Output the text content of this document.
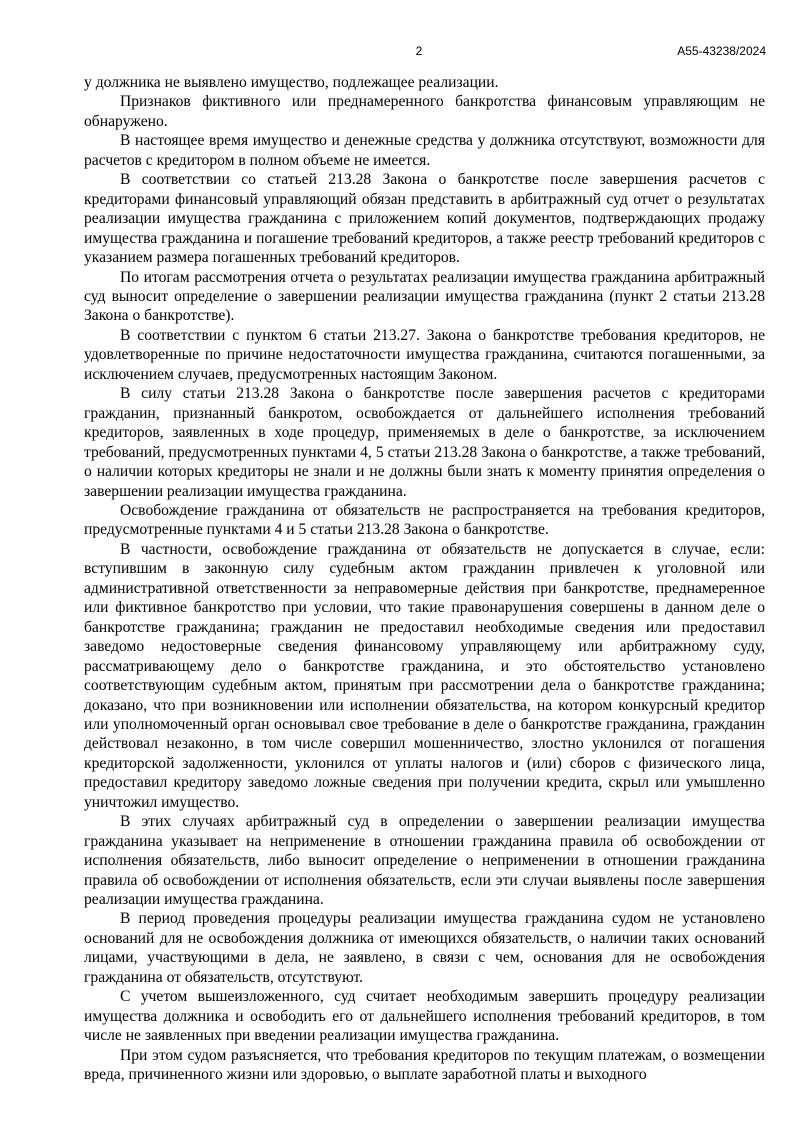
2	А55-43238/2024

у должника не выявлено имущество, подлежащее реализации.

Признаков фиктивного или преднамеренного банкротства финансовым управляющим не обнаружено.

В настоящее время имущество и денежные средства у должника отсутствуют, возможности для расчетов с кредитором в полном объеме не имеется.

В соответствии со статьей 213.28 Закона о банкротстве после завершения расчетов с кредиторами финансовый управляющий обязан представить в арбитражный суд отчет о результатах реализации имущества гражданина с приложением копий документов, подтверждающих продажу имущества гражданина и погашение требований кредиторов, а также реестр требований кредиторов с указанием размера погашенных требований кредиторов.

По итогам рассмотрения отчета о результатах реализации имущества гражданина арбитражный суд выносит определение о завершении реализации имущества гражданина (пункт 2 статьи 213.28 Закона о банкротстве).

В соответствии с пунктом 6 статьи 213.27. Закона о банкротстве требования кредиторов, не удовлетворенные по причине недостаточности имущества гражданина, считаются погашенными, за исключением случаев, предусмотренных настоящим Законом.

В силу статьи 213.28 Закона о банкротстве после завершения расчетов с кредиторами гражданин, признанный банкротом, освобождается от дальнейшего исполнения требований кредиторов, заявленных в ходе процедур, применяемых в деле о банкротстве, за исключением требований, предусмотренных пунктами 4, 5 статьи 213.28 Закона о банкротстве, а также требований, о наличии которых кредиторы не знали и не должны были знать к моменту принятия определения о завершении реализации имущества гражданина.

Освобождение гражданина от обязательств не распространяется на требования кредиторов, предусмотренные пунктами 4 и 5 статьи 213.28 Закона о банкротстве.

В частности, освобождение гражданина от обязательств не допускается в случае, если: вступившим в законную силу судебным актом гражданин привлечен к уголовной или административной ответственности за неправомерные действия при банкротстве, преднамеренное или фиктивное банкротство при условии, что такие правонарушения совершены в данном деле о банкротстве гражданина; гражданин не предоставил необходимые сведения или предоставил заведомо недостоверные сведения финансовому управляющему или арбитражному суду, рассматривающему дело о банкротстве гражданина, и это обстоятельство установлено соответствующим судебным актом, принятым при рассмотрении дела о банкротстве гражданина; доказано, что при возникновении или исполнении обязательства, на котором конкурсный кредитор или уполномоченный орган основывал свое требование в деле о банкротстве гражданина, гражданин действовал незаконно, в том числе совершил мошенничество, злостно уклонился от погашения кредиторской задолженности, уклонился от уплаты налогов и (или) сборов с физического лица, предоставил кредитору заведомо ложные сведения при получении кредита, скрыл или умышленно уничтожил имущество.

В этих случаях арбитражный суд в определении о завершении реализации имущества гражданина указывает на неприменение в отношении гражданина правила об освобождении от исполнения обязательств, либо выносит определение о неприменении в отношении гражданина правила об освобождении от исполнения обязательств, если эти случаи выявлены после завершения реализации имущества гражданина.

В период проведения процедуры реализации имущества гражданина судом не установлено оснований для не освобождения должника от имеющихся обязательств, о наличии таких оснований лицами, участвующими в дела, не заявлено, в связи с чем, основания для не освобождения гражданина от обязательств, отсутствуют.

С учетом вышеизложенного, суд считает необходимым завершить процедуру реализации имущества должника и освободить его от дальнейшего исполнения требований кредиторов, в том числе не заявленных при введении реализации имущества гражданина.

При этом судом разъясняется, что требования кредиторов по текущим платежам, о возмещении вреда, причиненного жизни или здоровью, о выплате заработной платы и выходного
